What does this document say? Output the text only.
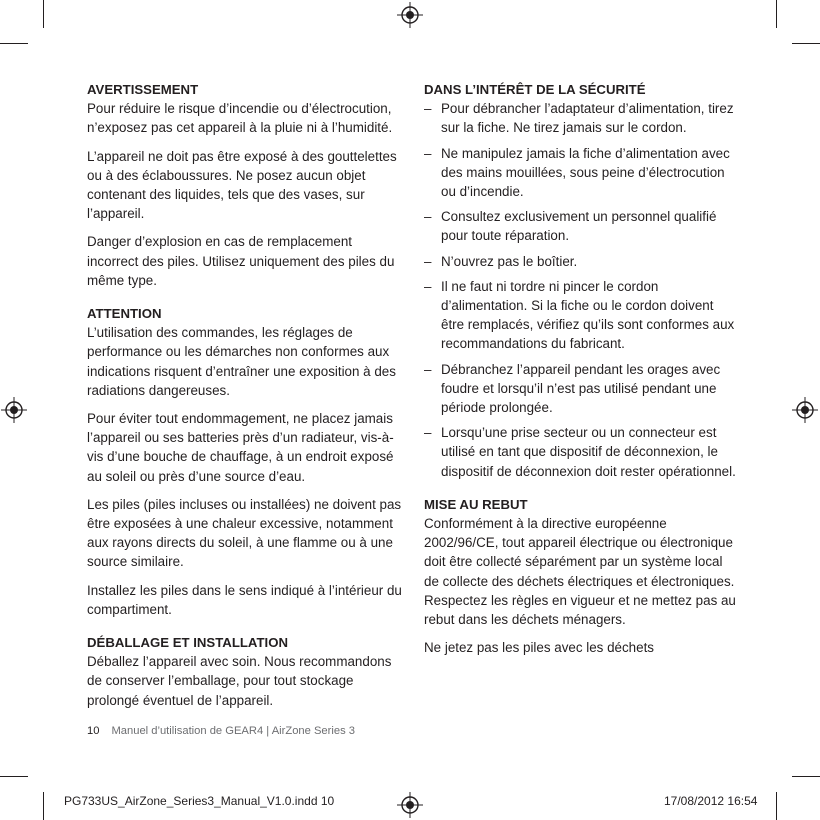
AVERTISSEMENT

Pour réduire le risque d’incendie ou d’électrocution, n’exposez pas cet appareil à la pluie ni à l’humidité.

L’appareil ne doit pas être exposé à des gouttelettes ou à des éclaboussures. Ne posez aucun objet contenant des liquides, tels que des vases, sur l’appareil.

Danger d’explosion en cas de remplacement incorrect des piles. Utilisez uniquement des piles du même type.

ATTENTION

L’utilisation des commandes, les réglages de performance ou les démarches non conformes aux indications risquent d’entraîner une exposition à des radiations dangereuses.

Pour éviter tout endommagement, ne placez jamais l’appareil ou ses batteries près d’un radiateur, vis-à-vis d’une bouche de chauffage, à un endroit exposé au soleil ou près d’une source d’eau.

Les piles (piles incluses ou installées) ne doivent pas être exposées à une chaleur excessive, notamment aux rayons directs du soleil, à une flamme ou à une source similaire.

Installez les piles dans le sens indiqué à l’intérieur du compartiment.

DÉBALLAGE ET INSTALLATION

Déballez l’appareil avec soin. Nous recommandons de conserver l’emballage, pour tout stockage prolongé éventuel de l’appareil.

DANS L’INTÉRÊT DE LA SÉCURITÉ
– Pour débrancher l’adaptateur d’alimentation, tirez sur la fiche. Ne tirez jamais sur le cordon.
– Ne manipulez jamais la fiche d’alimentation avec des mains mouillées, sous peine d’électrocution ou d’incendie.
– Consultez exclusivement un personnel qualifié pour toute réparation.
– N’ouvrez pas le boîtier.
– Il ne faut ni tordre ni pincer le cordon d’alimentation. Si la fiche ou le cordon doivent être remplacés, vérifiez qu’ils sont conformes aux recommandations du fabricant.
– Débranchez l’appareil pendant les orages avec foudre et lorsqu’il n’est pas utilisé pendant une période prolongée.
– Lorsqu’une prise secteur ou un connecteur est utilisé en tant que dispositif de déconnexion, le dispositif de déconnexion doit rester opérationnel.
MISE AU REBUT

Conformément à la directive européenne 2002/96/CE, tout appareil électrique ou électronique doit être collecté séparément par un système local de collecte des déchets électriques et électroniques. Respectez les règles en vigueur et ne mettez pas au rebut dans les déchets ménagers.

Ne jetez pas les piles avec les déchets

10 Manuel d’utilisation de GEAR4 | AirZone Series 3
PG733US_AirZone_Series3_Manual_V1.0.indd 10	17/08/2012 16:54
